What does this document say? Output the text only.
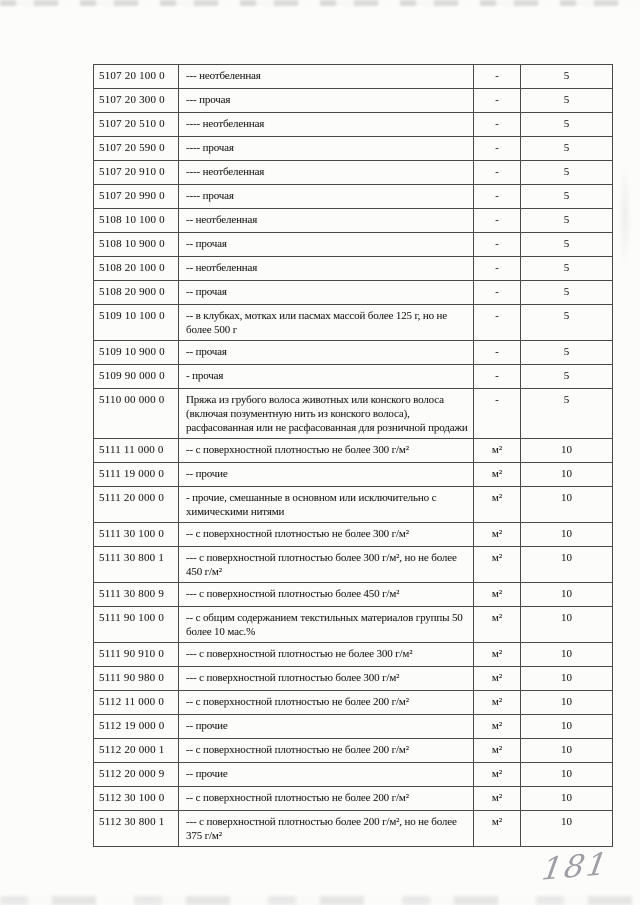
5107 20 100 0	--- неотбеленная	-	5
5107 20 300 0	--- прочая	-	5
5107 20 510 0	---- неотбеленная	-	5
5107 20 590 0	---- прочая	-	5
5107 20 910 0	---- неотбеленная	-	5
5107 20 990 0	---- прочая	-	5
5108 10 100 0	-- неотбеленная	-	5
5108 10 900 0	-- прочая	-	5
5108 20 100 0	-- неотбеленная	-	5
5108 20 900 0	-- прочая	-	5
5109 10 100 0	-- в клубках, мотках или пасмах массой более 125 г, но не более 500 г	-	5
5109 10 900 0	-- прочая	-	5
5109 90 000 0	- прочая	-	5
5110 00 000 0	Пряжа из грубого волоса животных или конского волоса (включая позументную нить из конского волоса), расфасованная или не расфасованная для розничной продажи	-	5
5111 11 000 0	-- с поверхностной плотностью не более 300 г/м²	м²	10
5111 19 000 0	-- прочие	м²	10
5111 20 000 0	- прочие, смешанные в основном или исключительно с химическими нитями	м²	10
5111 30 100 0	-- с поверхностной плотностью не более 300 г/м²	м²	10
5111 30 800 1	--- с поверхностной плотностью более 300 г/м², но не более 450 г/м²	м²	10
5111 30 800 9	--- с поверхностной плотностью более 450 г/м²	м²	10
5111 90 100 0	-- с общим содержанием текстильных материалов группы 50 более 10 мас.%	м²	10
5111 90 910 0	--- с поверхностной плотностью не более 300 г/м²	м²	10
5111 90 980 0	--- с поверхностной плотностью более 300 г/м²	м²	10
5112 11 000 0	-- с поверхностной плотностью не более 200 г/м²	м²	10
5112 19 000 0	-- прочие	м²	10
5112 20 000 1	-- с поверхностной плотностью не более 200 г/м²	м²	10
5112 20 000 9	-- прочие	м²	10
5112 30 100 0	-- с поверхностной плотностью не более 200 г/м²	м²	10
5112 30 800 1	--- с поверхностной плотностью более 200 г/м², но не более 375 г/м²	м²	10
181
